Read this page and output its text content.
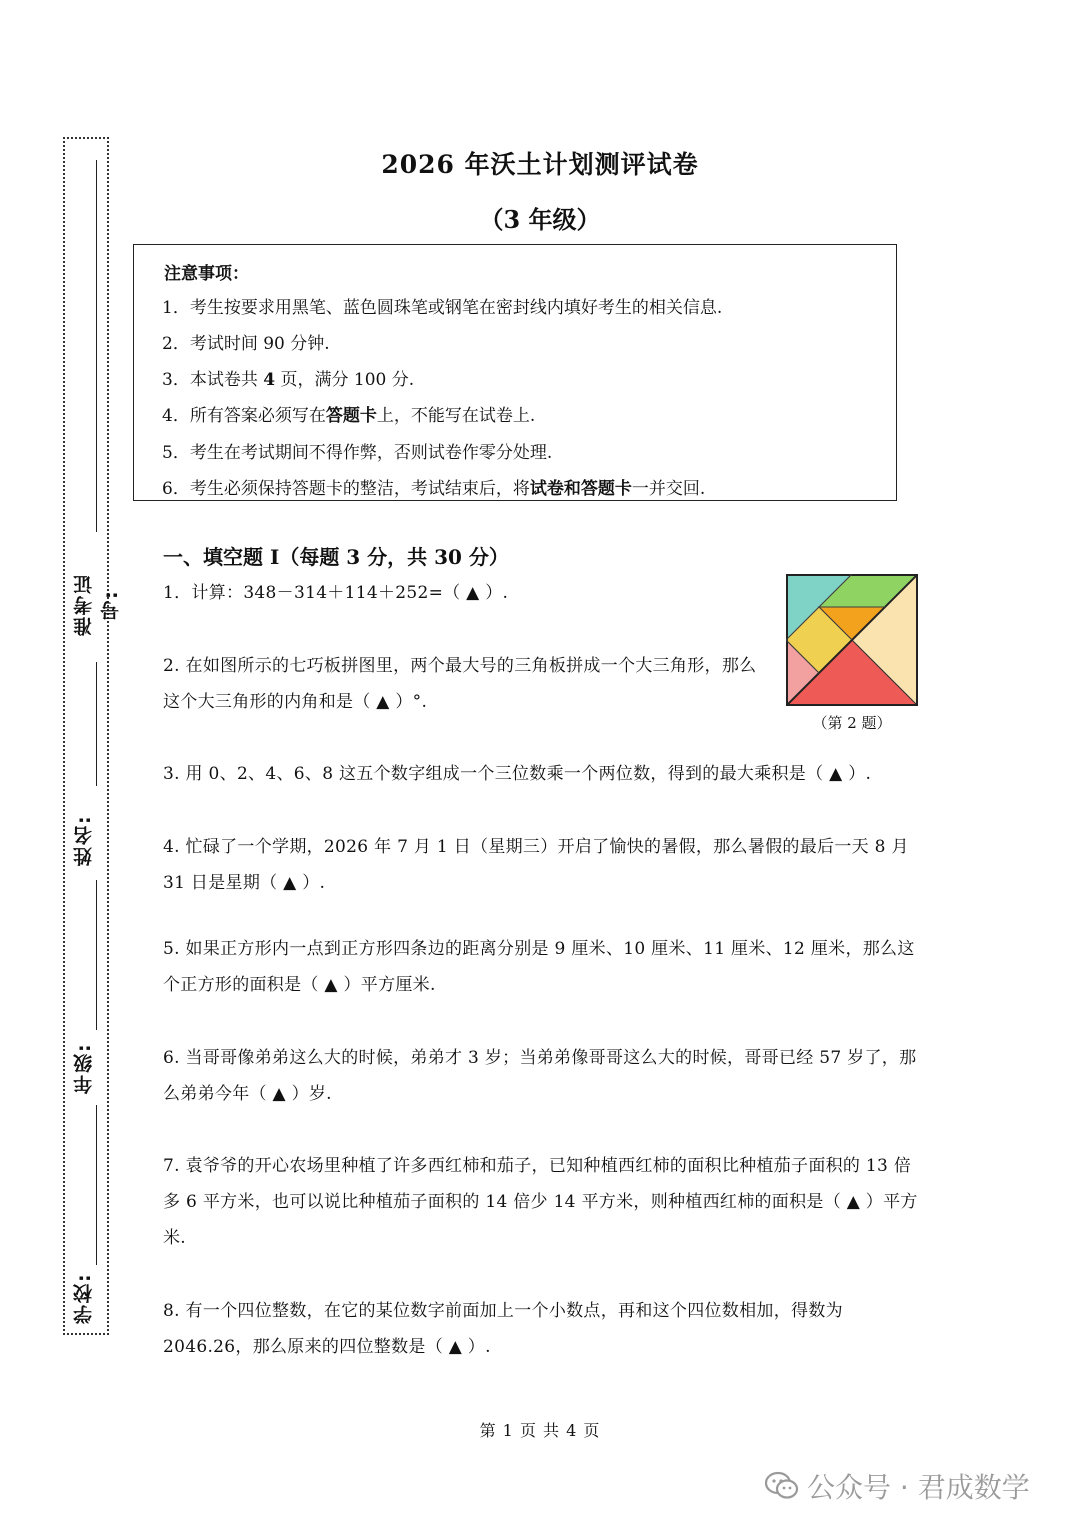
准考证号:
姓名:
年级:
学校:
2026 年沃土计划测评试卷
（3 年级）
注意事项：
1．考生按要求用黑笔、蓝色圆珠笔或钢笔在密封线内填好考生的相关信息.
2．考试时间 90 分钟.
3．本试卷共 4 页，满分 100 分.
4．所有答案必须写在答题卡上，不能写在试卷上.
5．考生在考试期间不得作弊，否则试卷作零分处理.
6．考生必须保持答题卡的整洁，考试结束后，将试卷和答题卡一并交回.
一、填空题 I（每题 3 分，共 30 分）
1．计算：348－314＋114＋252=（ ▲ ）.
2. 在如图所示的七巧板拼图里，两个最大号的三角板拼成一个大三角形，那么这个大三角形的内角和是（ ▲ ）°.
（第 2 题）
3. 用 0、2、4、6、8 这五个数字组成一个三位数乘一个两位数，得到的最大乘积是（ ▲ ）.
4. 忙碌了一个学期，2026 年 7 月 1 日（星期三）开启了愉快的暑假，那么暑假的最后一天 8 月 31 日是星期（ ▲ ）.
5. 如果正方形内一点到正方形四条边的距离分别是 9 厘米、10 厘米、11 厘米、12 厘米，那么这个正方形的面积是（ ▲ ）平方厘米.
6. 当哥哥像弟弟这么大的时候，弟弟才 3 岁；当弟弟像哥哥这么大的时候，哥哥已经 57 岁了，那么弟弟今年（ ▲ ）岁.
7. 袁爷爷的开心农场里种植了许多西红柿和茄子，已知种植西红柿的面积比种植茄子面积的 13 倍多 6 平方米，也可以说比种植茄子面积的 14 倍少 14 平方米，则种植西红柿的面积是（ ▲ ）平方米.
8. 有一个四位整数，在它的某位数字前面加上一个小数点，再和这个四位数相加，得数为 2046.26，那么原来的四位整数是（ ▲ ）.
第 1 页 共 4 页
公众号 · 君成数学
